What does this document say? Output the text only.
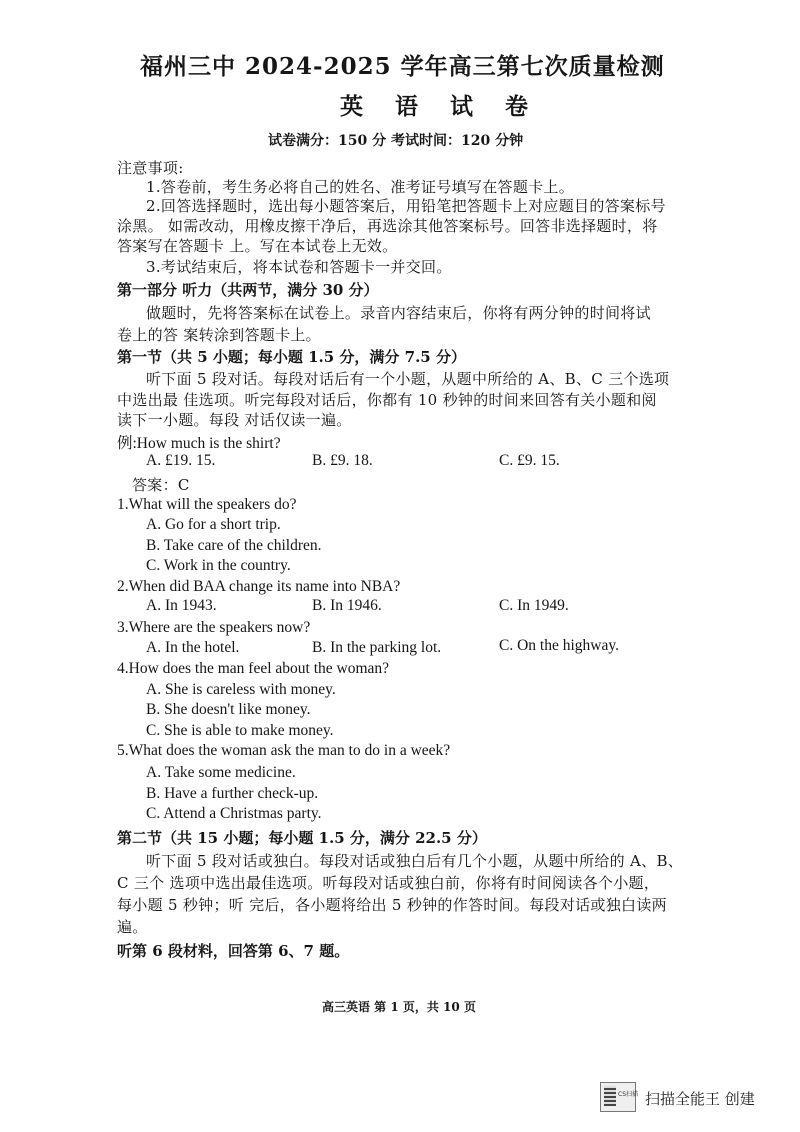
福州三中 2024-2025 学年高三第七次质量检测
英 语 试 卷
试卷满分：150 分 考试时间：120 分钟
注意事项:
1.答卷前，考生务必将自己的姓名、准考证号填写在答题卡上。
2.回答选择题时，选出每小题答案后，用铅笔把答题卡上对应题目的答案标号
涂黑。 如需改动，用橡皮擦干净后，再选涂其他答案标号。回答非选择题时，将
答案写在答题卡 上。写在本试卷上无效。
3.考试结束后，将本试卷和答题卡一并交回。
第一部分 听力（共两节，满分 30 分）
做题时，先将答案标在试卷上。录音内容结束后，你将有两分钟的时间将试
卷上的答 案转涂到答题卡上。
第一节（共 5 小题；每小题 1.5 分，满分 7.5 分）
听下面 5 段对话。每段对话后有一个小题，从题中所给的 A、B、C 三个选项
中选出最 佳选项。听完每段对话后，你都有 10 秒钟的时间来回答有关小题和阅
读下一小题。每段 对话仅读一遍。
例:How much is the shirt?
A. £19. 15.	B. £9. 18.	C. £9. 15.
答案：C
1.What will the speakers do?
A. Go for a short trip.
B. Take care of the children.
C. Work in the country.
2.When did BAA change its name into NBA?
A. In 1943.	B. In 1946.	C. In 1949.
3.Where are the speakers now?
A. In the hotel.	B. In the parking lot.	C. On the highway.
4.How does the man feel about the woman?
A. She is careless with money.
B. She doesn't like money.
C. She is able to make money.
5.What does the woman ask the man to do in a week?
A. Take some medicine.
B. Have a further check-up.
C. Attend a Christmas party.
第二节（共 15 小题；每小题 1.5 分，满分 22.5 分）
听下面 5 段对话或独白。每段对话或独白后有几个小题，从题中所给的 A、B、
C 三个 选项中选出最佳选项。听每段对话或独白前，你将有时间阅读各个小题，
每小题 5 秒钟；听 完后，各小题将给出 5 秒钟的作答时间。每段对话或独白读两
遍。
听第 6 段材料，回答第 6、7 题。
高三英语 第 1 页，共 10 页
CS扫描 扫描全能王 创建
